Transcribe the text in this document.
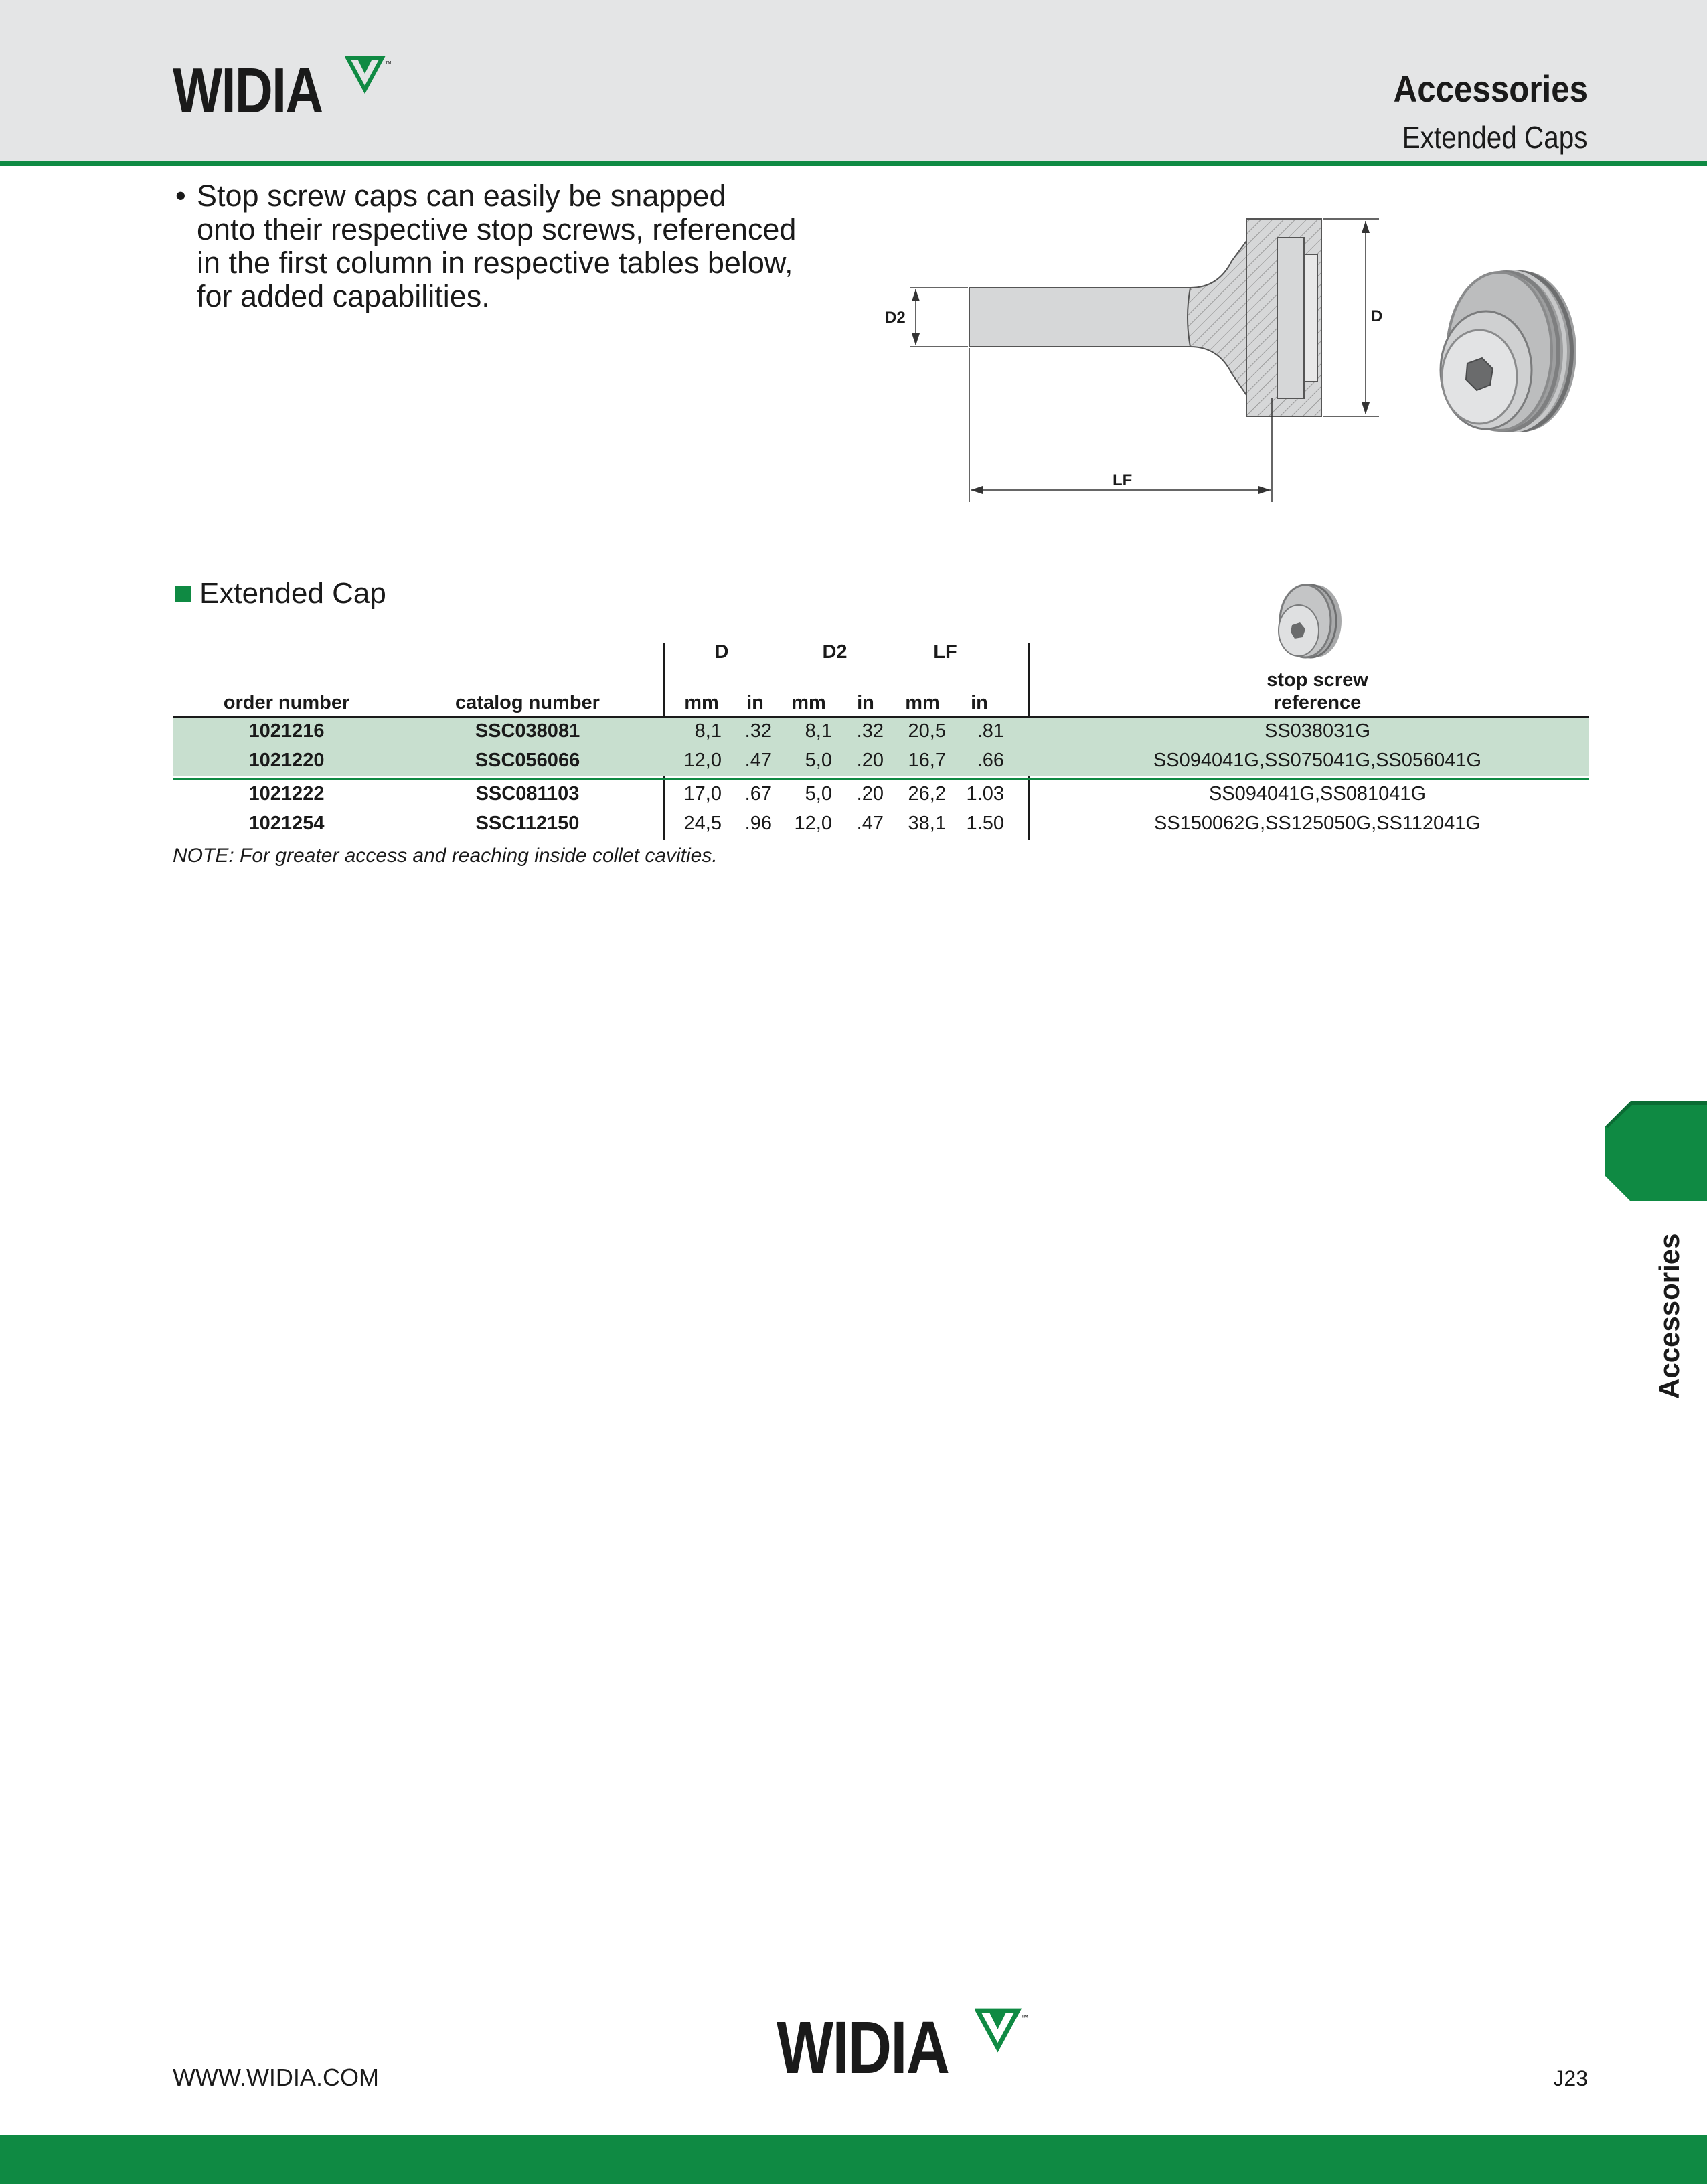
WIDIA	™
Accessories
Extended Caps
• Stop screw caps can easily be snapped
onto their respective stop screws, referenced
in the first column in respective tables below,
for added capabilities.
D
D2
LF
Extended Cap
D	D2	LF
order number	catalog number	mm	in	mm	in	mm	in
stop screw
reference
1021216	SSC038081	8,1	.32	8,1	.32	20,5	.81	SS038031G
1021220	SSC056066	12,0	.47	5,0	.20	16,7	.66	SS094041G,SS075041G,SS056041G
1021222	SSC081103	17,0	.67	5,0	.20	26,2	1.03	SS094041G,SS081041G
1021254	SSC112150	24,5	.96	12,0	.47	38,1	1.50	SS150062G,SS125050G,SS112041G
NOTE: For greater access and reaching inside collet cavities.
Accessories
WIDIA	™
WWW.WIDIA.COM	J23
